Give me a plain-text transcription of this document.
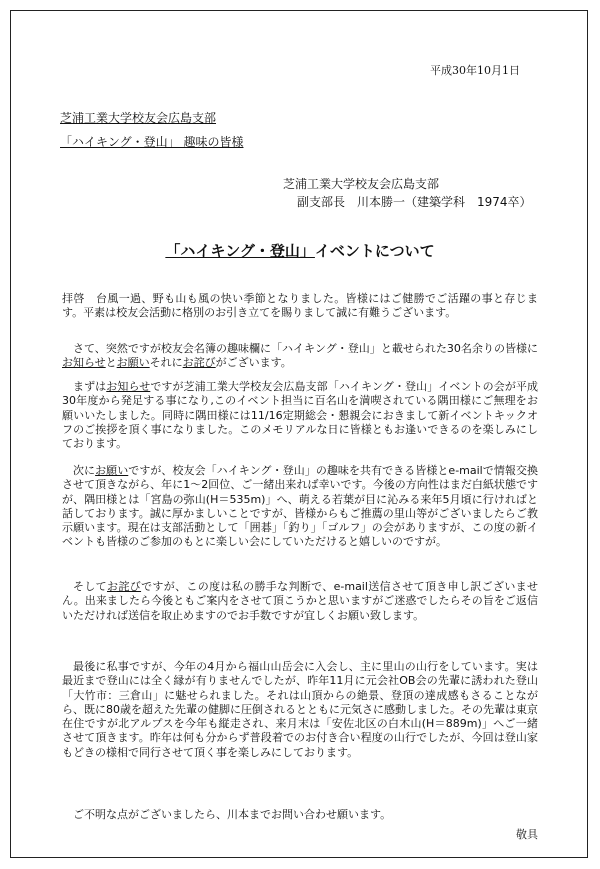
平成30年10月1日
芝浦工業大学校友会広島支部
「ハイキング・登山」 趣味の皆様
芝浦工業大学校友会広島支部
副支部長　川本勝一（建築学科　1974卒）
「ハイキング・登山」イベントについて

拝啓　台風一過、野も山も風の快い季節となりました。皆様にはご健勝でご活躍の事と存じます。平素は校友会活動に格別のお引き立てを賜りまして誠に有難うございます。

さて、突然ですが校友会名簿の趣味欄に「ハイキング・登山」と載せられた30名余りの皆様にお知らせとお願いそれにお詫びがございます。

まずはお知らせですが芝浦工業大学校友会広島支部「ハイキング・登山」イベントの会が平成30年度から発足する事になり,このイベント担当に百名山を満喫されている隅田様にご無理をお願いいたしました。同時に隅田様には11/16定期総会・懇親会におきまして新イベントキックオフのご挨拶を頂く事になりました。このメモリアルな日に皆様ともお逢いできるのを楽しみにしております。

次にお願いですが、校友会「ハイキング・登山」の趣味を共有できる皆様とe-mailで情報交換させて頂きながら、年に1～2回位、ご一緒出来れば幸いです。今後の方向性はまだ白紙状態ですが、隅田様とは「宮島の弥山(H＝535m)」へ、萌える若葉が目に沁みる来年5月頃に行ければと話しております。誠に厚かましいことですが、皆様からもご推薦の里山等がございましたらご教示願います。現在は支部活動として「囲碁」「釣り」「ゴルフ」の会がありますが、この度の新イベントも皆様のご参加のもとに楽しい会にしていただけると嬉しいのですが。

そしてお詫びですが、この度は私の勝手な判断で、e-mail送信させて頂き申し訳ございません。出来ましたら今後ともご案内をさせて頂こうかと思いますがご迷惑でしたらその旨をご返信いただければ送信を取止めますのでお手数ですが宜しくお願い致します。

最後に私事ですが、今年の4月から福山山岳会に入会し、主に里山の山行をしています。実は最近まで登山には全く縁が有りませんでしたが、昨年11月に元会社OB会の先輩に誘われた登山「大竹市：三倉山」に魅せられました。それは山頂からの絶景、登頂の達成感もさることながら、既に80歳を超えた先輩の健脚に圧倒されるとともに元気さに感動しました。その先輩は東京在住ですが北アルプスを今年も縦走され、来月末は「安佐北区の白木山(H＝889m)」へご一緒させて頂きます。昨年は何も分からず普段着でのお付き合い程度の山行でしたが、今回は登山家もどきの様相で同行させて頂く事を楽しみにしております。

ご不明な点がございましたら、川本までお問い合わせ願います。

敬具
